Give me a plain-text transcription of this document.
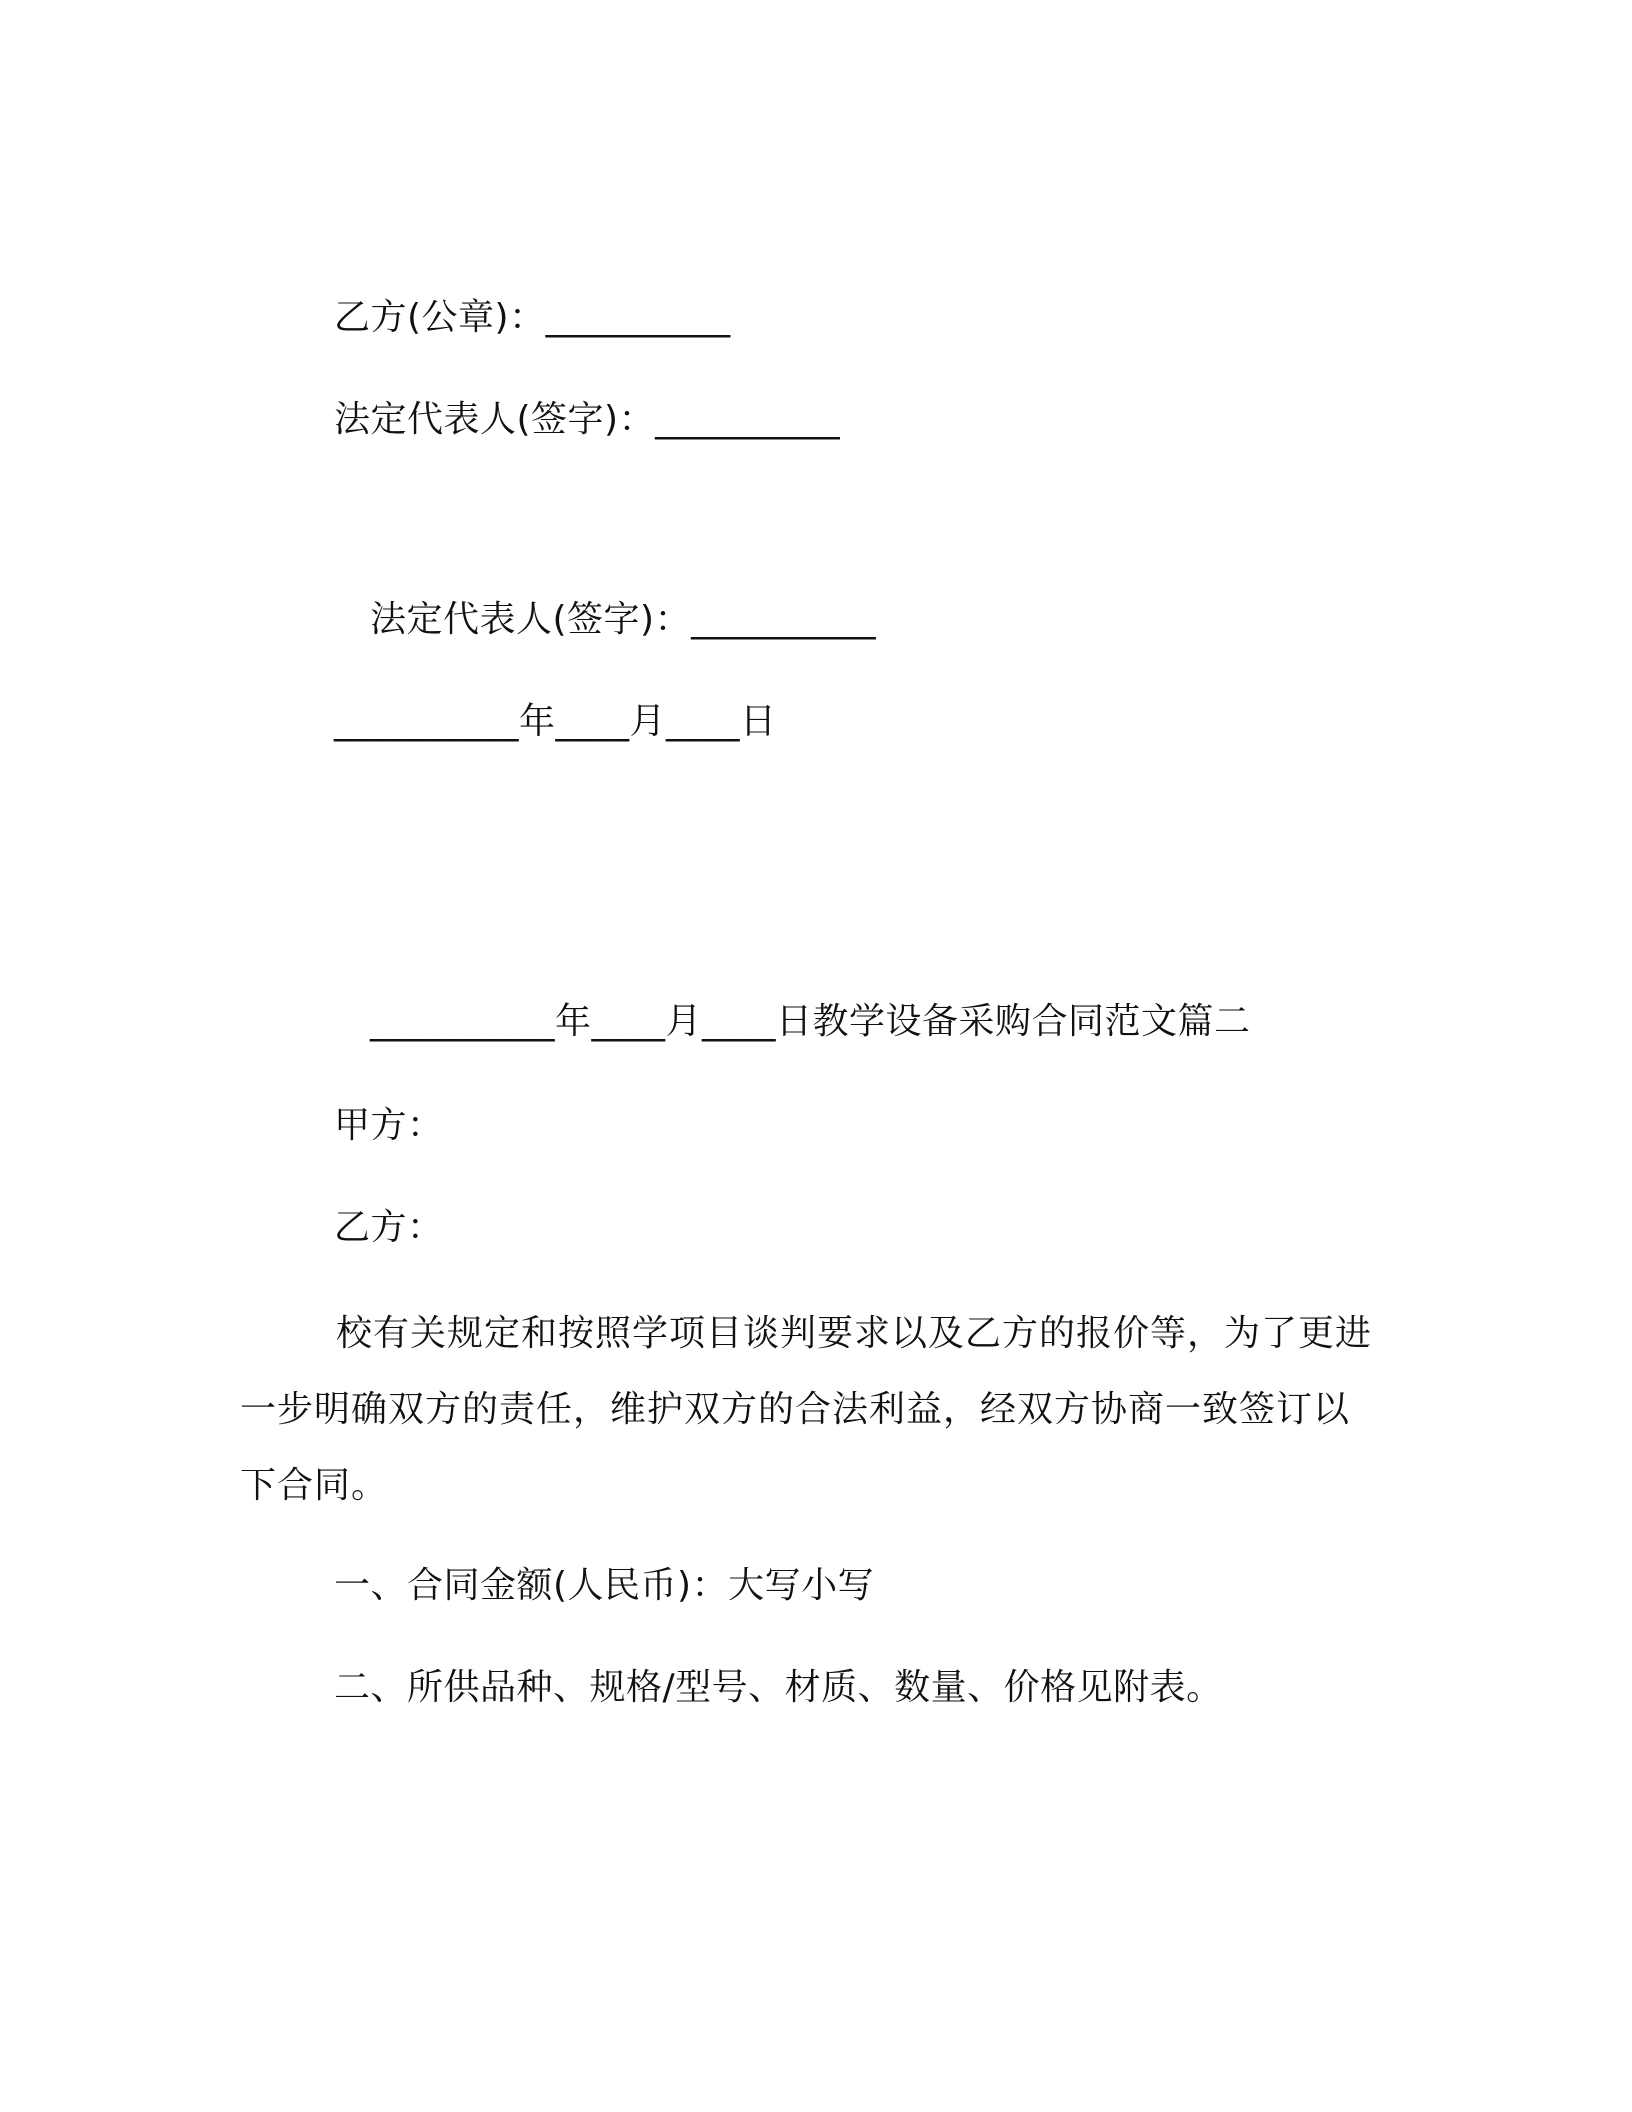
乙方(公章)：__________
法定代表人(签字)：__________
法定代表人(签字)：__________
__________年____月____日
__________年____月____日教学设备采购合同范文篇二
甲方：
乙方：
校有关规定和按照学项目谈判要求以及乙方的报价等，为了更进一步明确双方的责任，维护双方的合法利益，经双方协商一致签订以下合同。
一、合同金额(人民币)：大写小写
二、所供品种、规格/型号、材质、数量、价格见附表。
